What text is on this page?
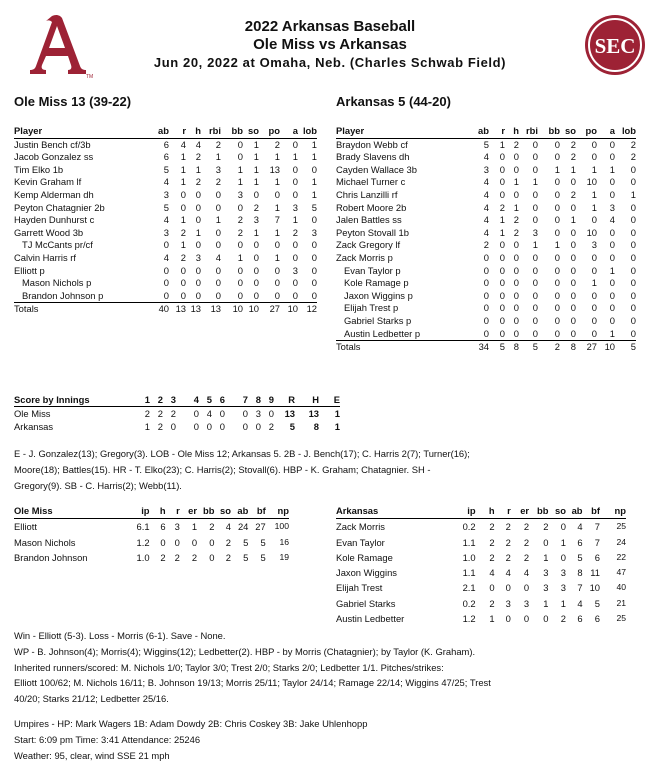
TM
SEC
2022 Arkansas Baseball
Ole Miss vs Arkansas
Jun 20, 2022 at Omaha, Neb. (Charles Schwab Field)
Ole Miss 13 (39-22)	Arkansas 5 (44-20)
Player	ab	r	h	rbi	bb	so	po	a	lob
Justin Bench cf/3b	6	4	4	2	0	1	2	0	1
Jacob Gonzalez ss	6	1	2	1	0	1	1	1	1
Tim Elko 1b	5	1	1	3	1	1	13	0	0
Kevin Graham lf	4	1	2	2	1	1	1	0	1
Kemp Alderman dh	3	0	0	0	3	0	0	0	1
Peyton Chatagnier 2b	5	0	0	0	0	2	1	3	5
Hayden Dunhurst c	4	1	0	1	2	3	7	1	0
Garrett Wood 3b	3	2	1	0	2	1	1	2	3
TJ McCants pr/cf	0	1	0	0	0	0	0	0	0
Calvin Harris rf	4	2	3	4	1	0	1	0	0
Elliott p	0	0	0	0	0	0	0	3	0
Mason Nichols p	0	0	0	0	0	0	0	0	0
Brandon Johnson p	0	0	0	0	0	0	0	0	0
Totals	40	13	13	13	10	10	27	10	12
Player	ab	r	h	rbi	bb	so	po	a	lob
Braydon Webb cf	5	1	2	0	0	2	0	0	2
Brady Slavens dh	4	0	0	0	0	2	0	0	2
Cayden Wallace 3b	3	0	0	0	1	1	1	1	0
Michael Turner c	4	0	1	1	0	0	10	0	0
Chris Lanzilli rf	4	0	0	0	0	2	1	0	1
Robert Moore 2b	4	2	1	0	0	0	1	3	0
Jalen Battles ss	4	1	2	0	0	1	0	4	0
Peyton Stovall 1b	4	1	2	3	0	0	10	0	0
Zack Gregory lf	2	0	0	1	1	0	3	0	0
Zack Morris p	0	0	0	0	0	0	0	0	0
Evan Taylor p	0	0	0	0	0	0	0	1	0
Kole Ramage p	0	0	0	0	0	0	1	0	0
Jaxon Wiggins p	0	0	0	0	0	0	0	0	0
Elijah Trest p	0	0	0	0	0	0	0	0	0
Gabriel Starks p	0	0	0	0	0	0	0	0	0
Austin Ledbetter p	0	0	0	0	0	0	0	1	0
Totals	34	5	8	5	2	8	27	10	5
Score by Innings	1	2	3	4	5	6	7	8	9	R	H	E
Ole Miss	2	2	2	0	4	0	0	3	0	13	13	1
Arkansas	1	2	0	0	0	0	0	0	2	5	8	1
E - J. Gonzalez(13); Gregory(3). LOB - Ole Miss 12; Arkansas 5. 2B - J. Bench(17); C. Harris 2(7); Turner(16);
Moore(18); Battles(15). HR - T. Elko(23); C. Harris(2); Stovall(6). HBP - K. Graham; Chatagnier. SH -
Gregory(9). SB - C. Harris(2); Webb(11).
Ole Miss	ip	h	r	er	bb	so	ab	bf	np
Elliott	6.1	6	3	1	2	4	24	27	100
Mason Nichols	1.2	0	0	0	0	2	5	5	16
Brandon Johnson	1.0	2	2	2	0	2	5	5	19
Arkansas	ip	h	r	er	bb	so	ab	bf	np
Zack Morris	0.2	2	2	2	2	0	4	7	25
Evan Taylor	1.1	2	2	2	0	1	6	7	24
Kole Ramage	1.0	2	2	2	1	0	5	6	22
Jaxon Wiggins	1.1	4	4	4	3	3	8	11	47
Elijah Trest	2.1	0	0	0	3	3	7	10	40
Gabriel Starks	0.2	2	3	3	1	1	4	5	21
Austin Ledbetter	1.2	1	0	0	0	2	6	6	25
Win - Elliott (5-3). Loss - Morris (6-1). Save - None.
WP - B. Johnson(4); Morris(4); Wiggins(12); Ledbetter(2). HBP - by Morris (Chatagnier); by Taylor (K. Graham).
Inherited runners/scored: M. Nichols 1/0; Taylor 3/0; Trest 2/0; Starks 2/0; Ledbetter 1/1. Pitches/strikes:
Elliott 100/62; M. Nichols 16/11; B. Johnson 19/13; Morris 25/11; Taylor 24/14; Ramage 22/14; Wiggins 47/25; Trest
40/20; Starks 21/12; Ledbetter 25/16.
Umpires - HP: Mark Wagers 1B: Adam Dowdy 2B: Chris Coskey 3B: Jake Uhlenhopp
Start: 6:09 pm Time: 3:41 Attendance: 25246
Weather: 95, clear, wind SSE 21 mph
